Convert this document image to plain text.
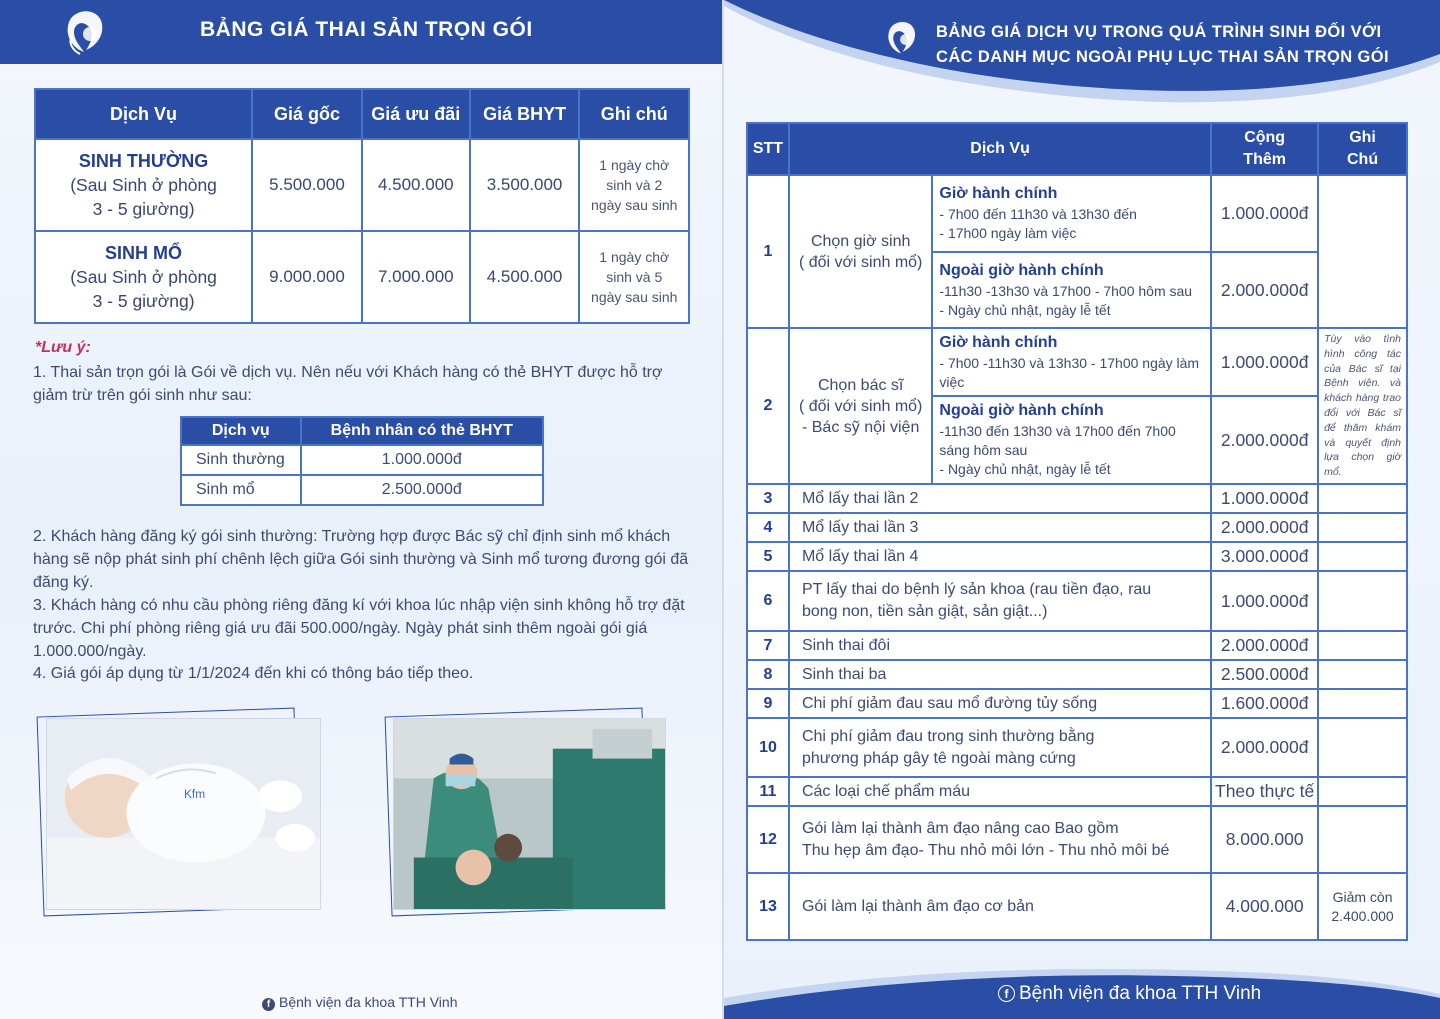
BẢNG GIÁ THAI SẢN TRỌN GÓI
Dịch Vụ	Giá gốc	Giá ưu đãi	Giá BHYT	Ghi chú
SINH THƯỜNG
(Sau Sinh ở phòng
3 - 5 giường)	5.500.000	4.500.000	3.500.000	1 ngày chờ
sinh và 2
ngày sau sinh
SINH MỔ
(Sau Sinh ở phòng
3 - 5 giường)	9.000.000	7.000.000	4.500.000	1 ngày chờ
sinh và 5
ngày sau sinh
*Lưu ý:
1. Thai sản trọn gói là Gói về dịch vụ. Nên nếu với Khách hàng có thẻ BHYT được hỗ trợ giảm trừ trên gói sinh như sau:
Dịch vụ	Bệnh nhân có thẻ BHYT
Sinh thường	1.000.000đ
Sinh mổ	2.500.000đ
2. Khách hàng đăng ký gói sinh thường: Trường hợp được Bác sỹ chỉ định sinh mổ khách hàng sẽ nộp phát sinh phí chênh lệch giữa Gói sinh thường và Sinh mổ tương đương gói đã đăng ký.
3. Khách hàng có nhu cầu phòng riêng đăng kí với khoa lúc nhập viện sinh không hỗ trợ đặt trước. Chi phí phòng riêng giá ưu đãi 500.000/ngày. Ngày phát sinh thêm ngoài gói giá 1.000.000/ngày.
4. Giá gói áp dụng từ 1/1/2024 đến khi có thông báo tiếp theo.
Kfm
f Bệnh viện đa khoa TTH Vinh
BẢNG GIÁ DỊCH VỤ TRONG QUÁ TRÌNH SINH ĐỐI VỚI
CÁC DANH MỤC NGOÀI PHỤ LỤC THAI SẢN TRỌN GÓI
STT	Dịch Vụ		Cộng
Thêm	Ghi
Chú
1	Chọn giờ sinh
( đối với sinh mổ)	Giờ hành chính
- 7h00 đến 11h30 và 13h30 đến
- 17h00 ngày làm việc	1.000.000đ	

		Ngoài giờ hành chính
-11h30 -13h30 và 17h00 - 7h00 hôm sau
- Ngày chủ nhật, ngày lễ tết	2.000.000đ	
2	Chọn bác sĩ
( đối với sinh mổ)
- Bác sỹ nội viện	Giờ hành chính
- 7h00 -11h30 và 13h30 - 17h00 ngày làm
việc	1.000.000đ	Tùy vào tình hình công tác của Bác sĩ tại Bệnh viện. và khách hàng trao đổi với Bác sĩ để thăm khám và quyết định lựa chọn giờ mổ.

		Ngoài giờ hành chính
-11h30 đến 13h30 và 17h00 đến 7h00
sáng hôm sau
- Ngày chủ nhật, ngày lễ tết	2.000.000đ	
3	Mổ lấy thai lần 2		1.000.000đ	
4	Mổ lấy thai lần 3		2.000.000đ	
5	Mổ lấy thai lần 4		3.000.000đ	
6	PT lấy thai do bệnh lý sản khoa (rau tiền đạo, rau
bong non, tiền sản giật, sản giật...)		1.000.000đ	
7	Sinh thai đôi		2.000.000đ	
8	Sinh thai ba		2.500.000đ	
9	Chi phí giảm đau sau mổ đường tủy sống		1.600.000đ	
10	Chi phí giảm đau trong sinh thường bằng
phương pháp gây tê ngoài màng cứng		2.000.000đ	
11	Các loại chế phẩm máu		Theo thực tế	
12	Gói làm lại thành âm đạo nâng cao Bao gồm
Thu hẹp âm đạo- Thu nhỏ môi lớn - Thu nhỏ môi bé		8.000.000	
13	Gói làm lại thành âm đạo cơ bản		4.000.000	Giảm còn
2.400.000
f Bệnh viện đa khoa TTH Vinh
